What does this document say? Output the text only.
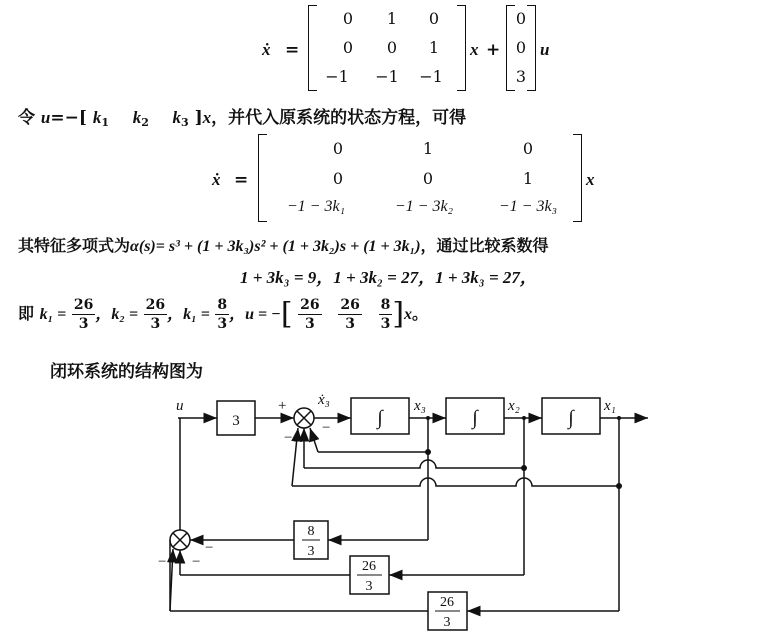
ẋ =
0	1	0
0	0	1
−1	−1	−1
x +
0
0
3
u
令 u=−[ $k_1$ $k_2$ $k_3$ ]x，并代入原系统的状态方程，可得
ẋ =
0	1	0
0	0	1
−1 − 3k₁	−1 − 3k₂	−1 − 3k₃
x
其特征多项式为α(s)= s³ + (1 + 3k₃)s² + (1 + 3k₂)s + (1 + 3k₁)，通过比较系数得
1 + 3k₃ = 9，1 + 3k₂ = 27，1 + 3k₃ = 27，
即 $k_1 = \frac{26}{3}$ ，$k_2 = \frac{26}{3}$ ，$k_1 = \frac{8}{3}$ ，u = −[ $\frac{26}{3}$
$\frac{26}{3}$
$\frac{8}{3} ]x$。
闭环系统的结构图为
u
3
+ ẋ₃
∫	∫	∫
x₃	x₂	x₁
−
− −
−
−
−
8
3
26
3
26
3
